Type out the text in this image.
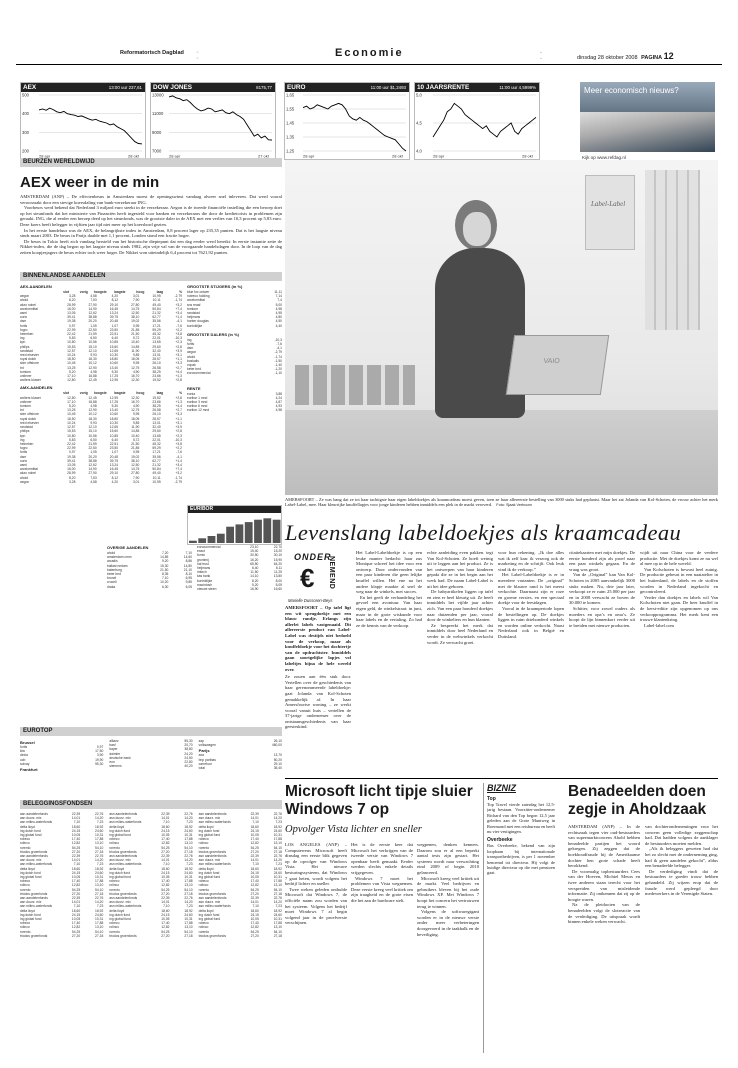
Reformatorisch Dagblad ◦
◦	Economie	◦
◦	dinsdag 28 oktober 2008 PAGINA 12
AEX	13:00 uur 237,61
500
400
300
200
28 apr	28 okt
DOW JONES	8175,77
13000
11000
9000
7000
28 apr	27 okt
EURO	11:00 uur $1,2493
1,65
1,55
1,45
1,35
1,25
28 apr	28 okt
10 JAARSRENTE	11:00 uur 4,5999%
5,0
4,5
4,0
28 apr	28 okt
Meer economisch nieuws?
Kijk op www.refdag.nl
BEURZEN WERELDWIJD
AEX weer in de min

AMSTERDAM (ANP) – De effectenbeurs in Amsterdam moest de openingswinst vandaag alweer snel inleveren. Dat werd vooral veroorzaakt door een stevige koersdaling van bank-verzekeraar ING.

Voorbeurs werd bekend dat Nederland 3 miljard euro steekt in de verzekeraar. Aegon is de tweede financiële instelling die een beroep doet op het steunfonds dat het ministerie van Financiën heeft ingesteld voor banken en verzekeraars die door de kredietcrisis in problemen zijn geraakt. ING, die al eerder een beroep deed op het steunfonds, was de grootste daler in de AEX met een verlies van 10,3 procent op 5,83 euro. Deze koers heeft belegger in vijftien jaar tijd niet meer op het koersbord gezien.

In het eerste handeluur was de AEX, de belangrijkste index in Amsterdam, 0,8 procent lager op 235,35 punten. Dat is het laagste niveau sinds maart 2003. De beurs in Parijs daalde met 1,1 procent, Londen stond een fractie hoger.

De beurs in Tokio heeft zich vandaag hersteld van het historische dieptepunt dat een dag eerder werd bereikt: In eerste instantie zette de Nikkei-index, die de dag begon op het laagste niveau sinds 1982, zijn vrije val van de voorgaande handelsdagen door. In de loop van de dag zetten koopjesjagers de beurs echter toch weer hoger. De Nikkei won uiteindelijk 6,4 procent tot 7621,92 punten.

BINNENLANDSE AANDELEN
AEX-AANDELEN
slot	vorig	hoogste	laagste	hoog	laag	%
aegon	3,28	4,58	4,20	3,01	10,95	-2,79
ahold	8,20	7,53	8,12	7,90	10,11	-1,74
akzo nobel	28,99	27,90	29,10	27,80	49,40	+3,2
arcelormittal	16,00	14,90	16,45	14,75	50,84	+7,4
asml	13,05	12,62	13,24	12,50	21,32	+3,4
corio	39,41	38,88	39,75	38,10	62,77	+1,4
dsm	19,38	20,20	20,48	19,02	35,56	-4,1
fortis	0,97	1,05	1,07	0,95	17,21	-7,6
fugro	22,99	22,50	23,50	21,85	59,29	+2,2
heineken	22,42	21,59	22,51	21,50	45,32	+3,8
ing	5,83	6,50	6,40	5,72	22,01	-10,3
kpn	10,80	10,56	10,85	10,40	13,65	+2,3
philips	15,53	15,10	15,60	14,85	29,60	+2,8
randstad	12,57	12,10	12,65	11,90	32,40	+3,9
reed elsevier	10,24	9,93	10,30	9,85	13,01	+3,1
royal dutch	18,50	18,30	18,80	18,05	28,57	+1,1
sbm offshore	10,45	10,12	10,60	9,95	26,10	+3,3
tnt	13,25	12,90	13,40	12,75	26,58	+2,7
tomtom	5,20	4,98	5,30	4,90	38,25	+4,4
unilever	17,10	16,88	17,25	16,70	23,66	+1,3
wolters kluwer	12,80	12,45	12,95	12,30	19,52	+2,8
AMX-AANDELEN
slot	vorig	hoogste	laagste	hoog	laag	%
wolters kluwer	12,80	12,45	12,95	12,30	19,52	+2,8
unilever	17,10	16,88	17,25	16,70	23,66	+1,3
tomtom	5,20	4,98	5,30	4,90	38,25	+4,4
tnt	13,25	12,90	13,40	12,75	26,58	+2,7
sbm offshore	10,45	10,12	10,60	9,95	26,10	+3,3
royal dutch	18,50	18,30	18,80	18,05	28,57	+1,1
reed elsevier	10,24	9,93	10,30	9,85	13,01	+3,1
randstad	12,57	12,10	12,65	11,90	32,40	+3,9
philips	15,53	15,10	15,60	14,85	29,60	+2,8
kpn	10,80	10,56	10,85	10,40	13,65	+2,3
ing	5,83	6,50	6,40	5,72	22,01	-10,3
heineken	22,42	21,59	22,51	21,50	45,32	+3,8
fugro	22,99	22,50	23,50	21,85	59,29	+2,2
fortis	0,97	1,05	1,07	0,95	17,21	-7,6
dsm	19,38	20,20	20,48	19,02	35,56	-4,1
corio	39,41	38,88	39,75	38,10	62,77	+1,4
asml	13,05	12,62	13,24	12,50	21,32	+3,4
arcelormittal	16,00	14,90	16,45	14,75	50,84	+7,4
akzo nobel	28,99	27,90	29,10	27,80	49,40	+3,2
ahold	8,20	7,53	8,12	7,90	10,11	-1,74
aegon	3,28	4,58	4,20	3,01	10,95	-2,79
GROOTSTE STIJGERS (in %)
blue fox ontwer	11,11
nutreco holding	7,14
arcelormittal	7,4
sns reaal	5,00
tomtom	4,98
randstad	4,95
heijmans	4,80
hunter douglas	4,50
koninklijke	4,40
GROOTSTE DALERS (in %)
ing	-10,3
fortis	-7,6
dsm	-4,1
aegon	-2,79
ahold	-1,74
boskalis	-1,50
vopak	-1,40
beter bed	-1,20
eurocommercial	-1,10
RENTE
eonia	3,88
euribor 1 mnd	4,24
euribor 3 mnd	4,87
euribor 6 mnd	4,93
euribor 12 mnd	4,98
OVERIGE AANDELEN
ahold	7,20	7,10
amsterdam cmm	14,85	14,60
arcadis	9,20	8,86
ballast nedam	15,30	14,80
batenburg	21,50	21,10
beter bed	8,35	8,10
brunel	7,10	6,95
crucell	10,20	9,85
draka	6,30	6,05
eurocommercial	23,10	22,70
exact	15,40	15,20
fornix	30,50	30,10
grontmij	16,20	15,90
hal trust	65,50	64,20
heijmans	6,40	6,11
imtech	11,50	11,25
kas bank	14,10	13,80
koninklijke	8,20	8,00
macintosh	5,20	5,05
nieuwe steen	16,90	16,60
EURIBOR
EUROTOP
Brussel
fortis	0,97
kbc	17,50
dexia	3,90
ucb	19,90
solvay	55,30
Frankfurt
allianz	55,30
basf	20,70
bayer	38,80
daimler	24,20
deutsche bank	24,50
eon	22,80
siemens	40,20
sap	26,10
volkswagen	460,00
Parijs
axa	13,70
bnp paribas	50,20
carrefour	29,10
total	35,40
BELEGGINGSFONDSEN
asn aandelenfonds	22,39	22,76
asn duurz. mix	14,01	14,20
asn milieu-waterfonds	7,10	7,23
delta lloyd	18,60	18,92
ing dutch fund	24,15	24,60
ing global fund	10,05	10,31
robeco	17,40	17,88
rolinco	12,82	13,10
rorento	54,25	54,10
triodos groenfonds	27,20	27,18
asn aandelenfonds	22,39	22,76
asn duurz. mix	14,01	14,20
asn milieu-waterfonds	7,10	7,23
delta lloyd	18,60	18,92
ing dutch fund	24,15	24,60
ing global fund	10,05	10,31
robeco	17,40	17,88
rolinco	12,82	13,10
rorento	54,25	54,10
triodos groenfonds	27,20	27,18
asn aandelenfonds	22,39	22,76
asn duurz. mix	14,01	14,20
asn milieu-waterfonds	7,10	7,23
delta lloyd	18,60	18,92
ing dutch fund	24,15	24,60
ing global fund	10,05	10,31
robeco	17,40	17,88
rolinco	12,82	13,10
rorento	54,25	54,10
triodos groenfonds	27,20	27,18
asn aandelenfonds	22,39	22,76
asn duurz. mix	14,01	14,20
asn milieu-waterfonds	7,10	7,23
delta lloyd	18,60	18,92
ing dutch fund	24,15	24,60
ing global fund	10,05	10,31
robeco	17,40	17,88
rolinco	12,82	13,10
rorento	54,25	54,10
triodos groenfonds	27,20	27,18
asn aandelenfonds	22,39	22,76
asn duurz. mix	14,01	14,20
asn milieu-waterfonds	7,10	7,23
delta lloyd	18,60	18,92
ing dutch fund	24,15	24,60
ing global fund	10,05	10,31
robeco	17,40	17,88
rolinco	12,82	13,10
rorento	54,25	54,10
triodos groenfonds	27,20	27,18
asn aandelenfonds	22,39	22,76
asn duurz. mix	14,01	14,20
asn milieu-waterfonds	7,10	7,23
delta lloyd	18,60	18,92
ing dutch fund	24,15	24,60
ing global fund	10,05	10,31
robeco	17,40	17,88
rolinco	12,82	13,10
rorento	54,25	54,10
triodos groenfonds	27,20	27,18
asn aandelenfonds	22,39	22,76
asn duurz. mix	14,01	14,20
asn milieu-waterfonds	7,10	7,23
delta lloyd	18,60	18,92
ing dutch fund	24,15	24,60
ing global fund	10,05	10,31
robeco	17,40	17,88
rolinco	12,82	13,10
rorento	54,25	54,10
triodos groenfonds	27,20	27,18
asn aandelenfonds	22,39	22,76
asn duurz. mix	14,01	14,20
asn milieu-waterfonds	7,10	7,23
delta lloyd	18,60	18,92
ing dutch fund	24,15	24,60
ing global fund	10,05	10,31
robeco	17,40	17,88
rolinco	12,82	13,10
rorento	54,25	54,10
triodos groenfonds	27,20	27,18
asn aandelenfonds	22,39	22,76
asn duurz. mix	14,01	14,20
asn milieu-waterfonds	7,10	7,23
delta lloyd	18,60	18,92
ing dutch fund	24,15	24,60
ing global fund	10,05	10,31
robeco	17,40	17,88
rolinco	12,82	13,10
rorento	54,25	54,10
triodos groenfonds	27,20	27,18
Label-Label
VAIO
AMERSFOORT – Ze was bang dat ze tot haar tachtigste haar eigen labeldoekjes als kraamcadeau moest geven, toen ze haar allereerste bestelling van 3000 stuks had geplaatst. Maar het zat Jolanda van Kol-Schoten, de vrouw achter het merk Label-Label, mee. Haar kleurrijke knuffellapjes voor jonge kinderen hebben inmiddels een plek in de markt veroverd. Foto: Sjaak Verboom
Levenslang labeldoekjes als kraamcadeau
ONDER
NEMEND
€
Marielle Dussoren-Beys

AMERSFOORT – Op tafel ligt een wit speugdoekje met een blauw randje. Erlangs zijn allerlei labels vastgenaaid. Dit allereerste product van Label-Label was destijds niet bedoeld voor de verkoop, maar als knuffeldoekje voor het dochtertje van de opdrachtster. Inmiddels gaan soortgelijke lapjes vol labeltjes bijna de hele wereld over.

Ze zouen aan één stuk door. Vertellen over de geschiedenis van haar gerenommeerde labeldoekje: gaat Jolanda van Kol-Schoten gemakkelijk af. In haar Amersfoortse woning – ze werkt vooral vanuit huis – vertellen de 37-jarige ondernemer over de ontstaansgeschiedenis van haar geesteskind.

Het Label-Labeldoekje is op een leuke manier bedacht: haar zus Monique schreef het idee voor een ontwerp. Door ondervonden van een paar kinderen die geen lelijke knuffel willen. Het ene na het andere klapje maakte al snel de weg naar de winkels, met succes.

En het geeft de verhandeling het gevoel een avontuur. Van haar eigen geld, de winkelstraat: in juni, maar in de grote wiskunde voor haar labels en de vertaling. Zo had ze de kennis van de verkoop.

echte aanleiding even pakken. tegt Van Kol-Schoten. Ze hoeft weinig uit te leggen aan het product. Ze is het ontwerpen van haar kinderen gepakt die ze in het begin aan het werk had. De naam Label-Label is uit het idee geboren.

De babyartikelen liggen op tafel en zien er heel kleurig uit. Ze heeft inmiddels het vijfde jaar achter zich. Van een paar honderd doekjes naar duizenden per jaar, vooral door de winkeliers en hun klanten.

Ze bespreekt het merk dat inmiddels door heel Nederland en verder in de webwinkels verkocht wordt. Ze verwacht groei.

voor hun rekening. „Ik doe alles wat ik zelf kan: ik verzorg ook de marketing en de schrijft. Ook leuk vind ik de verkoop.”

Het Label-Labeldoekje is er in meerdere varianten. De „original” met de blauwe rand is het meest verkochte. Daarnaast zijn er roze en groene versies, en een speciaal doekje voor de feestdagen.

Vooral in de kraamperiode lopen de bestellingen op. De doekjes liggen in ruim driehonderd winkels en worden online verkocht. Naast Nederland ook in België en Duitsland.

citatiekaarten met mijn doekjes. De eerste honderd zijn als proef naar een paar winkels gegaan. En de vraag was groot.

Van de „Original” kan Van Kol-Schoten in 2005 aanvankelijk 3000 stuks maken. Nu, drie jaar later, verkoopt ze er ruim 25.000 per jaar en in 2008 verwacht ze boven de 30.000 te komen.

Schitter, voor zowel ouders als moeders en opa’s en oma’s. Ze hoopt de lijn binnenkort verder uit te breiden met nieuwe producten.

wijdt uit naar China voor de verdere productie. Met de doekjes komt ze nu wel al mee op in de hele wereld.

Van Kolschoten is bewust heel zuinig. De productie gebeurt in een naaiatelier in het buitenland, de labels en de stoffen worden in Nederland ingekocht en gecontroleerd.

Verder dan doekjes en labels wil Van Kolschoten niet gaan. De beer knuffel in de kerst-editie zijn opgenomen op ons verkoopprogramma. Het merk kent een trouwe klantenkring.

Label-label.com

Microsoft licht tipje sluier Windows 7 op
Opvolger Vista lichter en sneller

LOS ANGELES (ANP) – Computerreus Microsoft heeft dinsdag een eerste blik gegeven op de opvolger van Windows Vista. Het nieuwe besturingssysteem, dat Windows 7 gaat heten, wordt volgens het bedrijf lichter en sneller.

Twee weken geleden onthulde Microsoft dat Windows 7, de officiële naam zou worden van het systeem. Volgens het bedrijf moet Windows 7 al begin volgend jaar in de proefversie verschijnen.

Het is de eerste keer dat Microsoft het verkrijgen van de tweede versie van Windows 7 openbaar heeft gemaakt. Eerder werden slechts enkele details vrijgegeven.

Windows 7 moet het problemen van Vista wegnemen. Deze versie kreeg veel kritiek om zijn traagheid en de grote eisen die het aan de hardware stelt.

wegpenen, denken kenners. Daarom zou er al een beperkt aantal tests zijn gestart. Het systeem wordt naar verwachting eind 2009 of begin 2010 gelanceerd.

Microsoft kreeg veel kritiek uit de markt. Veel bedrijven en gebruikers bleven bij het oude Windows XP. Met Windows 7 hoopt het concern het vertrouwen terug te winnen.

Volgens de softwaregigant worden er in de nieuwe versie onder meer verbeteringen doorgevoerd in de taakbalk en de beveiliging.

BIZNIZ
Top
Top Travel vierde zaterdag het 12,5-jarig bestaan. Voorzitter-ondernemer Richard van den Top begon 12,5 jaar geleden aan de Grote Muntweg in Roermond met een reisbureau en heeft nu vier vestigingen.
Overbeeke
Bas Overbeeke, bekend van zijn loopbaan bij internationale transportbedrijven, is per 1 november benoemd tot directeur. Hij volgt de huidige directeur op die met pensioen gaat.
Benadeelden doen zegje in Aholdzaak

AMSTERDAM (ANP) – In de rechtszaak tegen vier oud-bestuurders van supermarktconcern Ahold hebben benadeelde partijen het woord gekregen. Zij zeggen dat de boekhoudfraude bij de Amerikaanse dochter hen grote schade heeft berokkend.

De voormalig topbestuurders Cees van der Hoeven, Michiel Meurs en twee anderen staan terecht voor het verspreiden van misleidende informatie. Zij ontkennen dat zij op de hoogte waren.

Na de pleidooien van de benadeelden volgt de slotreactie van de verdediging. De uitspraak wordt binnen enkele weken verwacht.

van dochterondernemingen voor het concern geen volledige zeggenschap had. Dat hadden volgens de aanklager de bestuurders moeten melden.

„Als ik beleggers geweten had dat het zo slecht met de onderneming ging, had ik geen aandelen gekocht”, aldus een benadeelde belegger.

De verdediging vindt dat de bestuurders te goeder trouw hebben gehandeld. Zij wijzen erop dat de fraude werd gepleegd door medewerkers in de Verenigde Staten.
